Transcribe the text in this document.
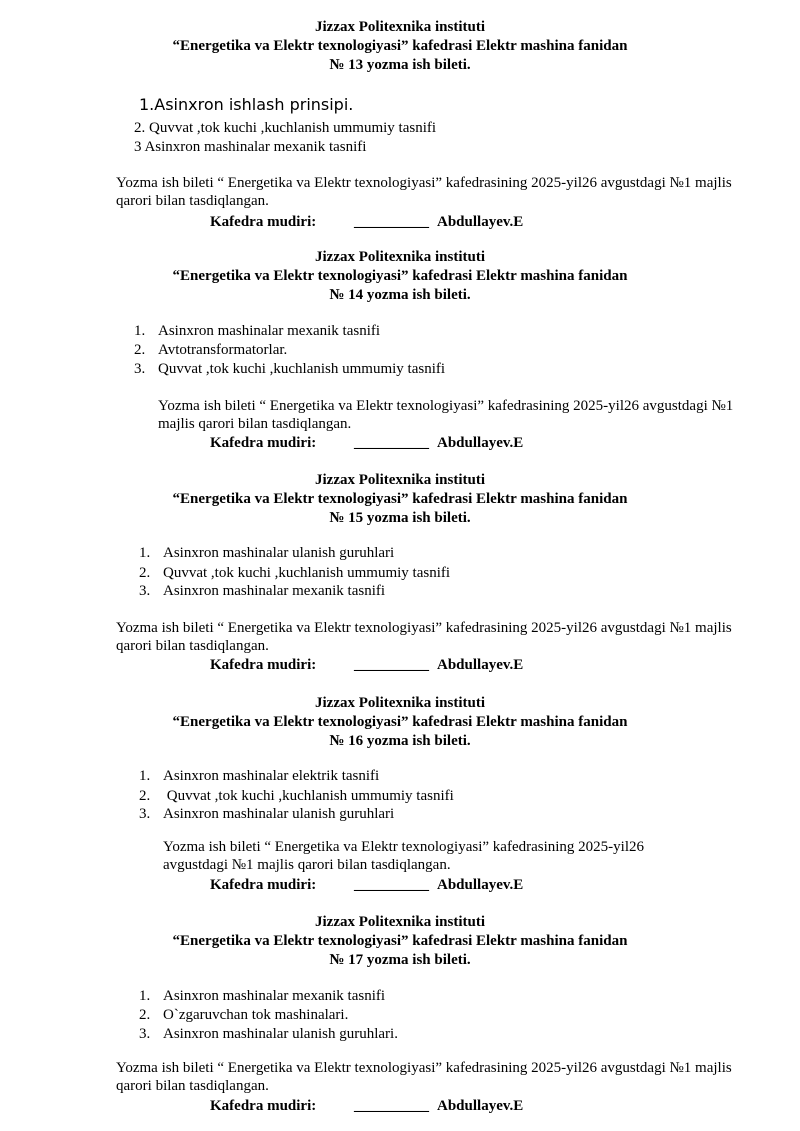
Jizzax Politexnika instituti
“Energetika va Elektr texnologiyasi” kafedrasi Elektr mashina fanidan
№ 13 yozma ish bileti.
1.Asinxron ishlash prinsipi.
2. Quvvat ,tok kuchi ,kuchlanish ummumiy tasnifi
3 Asinxron mashinalar mexanik tasnifi
Yozma ish bileti “ Energetika va Elektr texnologiyasi” kafedrasining 2025-yil26 avgustdagi №1 majlis qarori bilan tasdiqlangan.
Kafedra mudiri:	__________ Abdullayev.E
Jizzax Politexnika instituti
“Energetika va Elektr texnologiyasi” kafedrasi Elektr mashina fanidan
№ 14 yozma ish bileti.
1. Asinxron mashinalar mexanik tasnifi
2. Avtotransformatorlar.
3. Quvvat ,tok kuchi ,kuchlanish ummumiy tasnifi
Yozma ish bileti “ Energetika va Elektr texnologiyasi” kafedrasining 2025-yil26 avgustdagi №1 majlis qarori bilan tasdiqlangan.
Kafedra mudiri:	__________ Abdullayev.E
Jizzax Politexnika instituti
“Energetika va Elektr texnologiyasi” kafedrasi Elektr mashina fanidan
№ 15 yozma ish bileti.
1. Asinxron mashinalar ulanish guruhlari
2. Quvvat ,tok kuchi ,kuchlanish ummumiy tasnifi
3. Asinxron mashinalar mexanik tasnifi
Yozma ish bileti “ Energetika va Elektr texnologiyasi” kafedrasining 2025-yil26 avgustdagi №1 majlis qarori bilan tasdiqlangan.
Kafedra mudiri:	__________ Abdullayev.E
Jizzax Politexnika instituti
“Energetika va Elektr texnologiyasi” kafedrasi Elektr mashina fanidan
№ 16 yozma ish bileti.
1. Asinxron mashinalar elektrik tasnifi
2. Quvvat ,tok kuchi ,kuchlanish ummumiy tasnifi
3. Asinxron mashinalar ulanish guruhlari
Yozma ish bileti “ Energetika va Elektr texnologiyasi” kafedrasining 2025-yil26 avgustdagi №1 majlis qarori bilan tasdiqlangan.
Kafedra mudiri:	__________ Abdullayev.E
Jizzax Politexnika instituti
“Energetika va Elektr texnologiyasi” kafedrasi Elektr mashina fanidan
№ 17 yozma ish bileti.
1. Asinxron mashinalar mexanik tasnifi
2. O`zgaruvchan tok mashinalari.
3. Asinxron mashinalar ulanish guruhlari.
Yozma ish bileti “ Energetika va Elektr texnologiyasi” kafedrasining 2025-yil26 avgustdagi №1 majlis qarori bilan tasdiqlangan.
Kafedra mudiri:	__________ Abdullayev.E
